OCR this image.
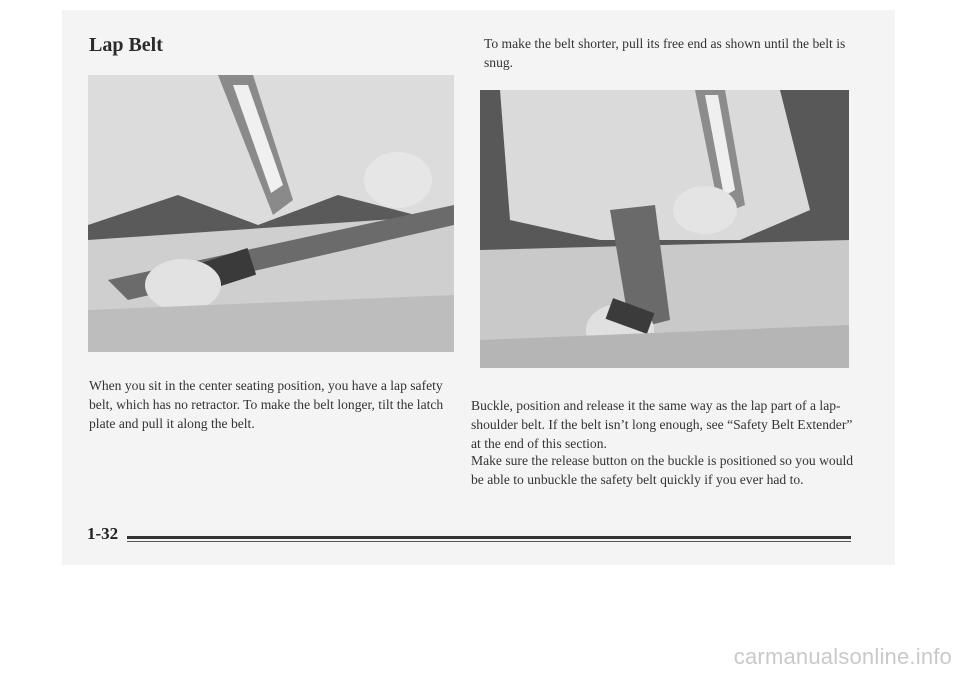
Lap Belt	To make the belt shorter, pull its free end as shown until the belt is snug.

When you sit in the center seating position, you have a lap safety belt, which has no retractor. To make the belt longer, tilt the latch plate and pull it along the belt.

Buckle, position and release it the same way as the lap part of a lap-shoulder belt. If the belt isn’t long enough, see “Safety Belt Extender” at the end of this section.

Make sure the release button on the buckle is positioned so you would be able to unbuckle the safety belt quickly if you ever had to.

1-32

carmanualsonline.info
